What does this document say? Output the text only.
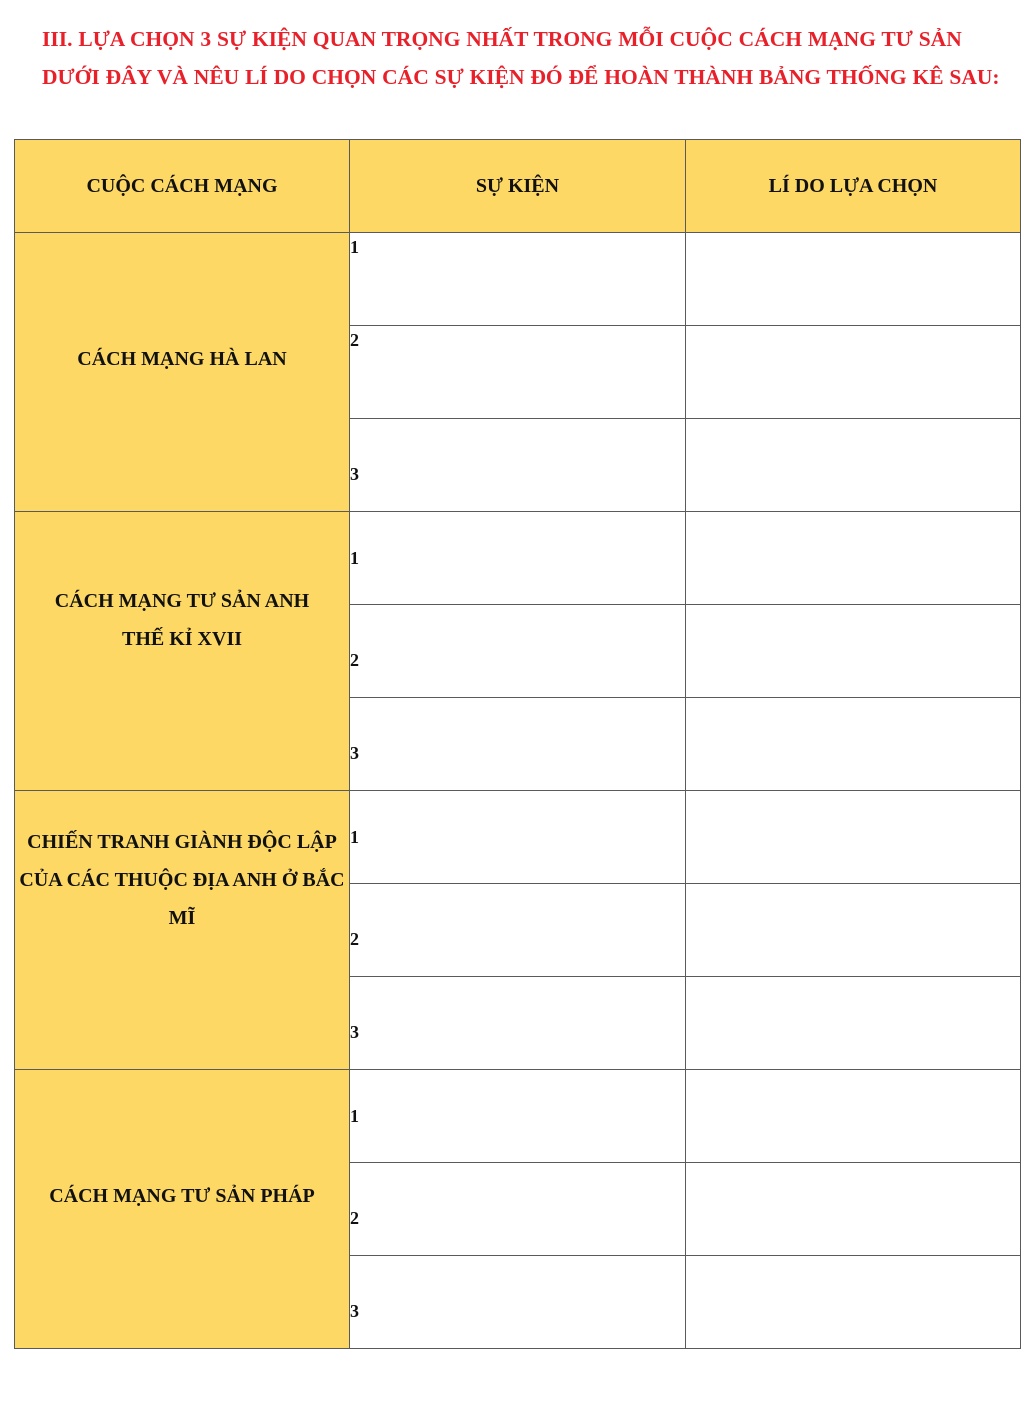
III. LỰA CHỌN 3 SỰ KIỆN QUAN TRỌNG NHẤT TRONG MỖI CUỘC CÁCH MẠNG TƯ SẢN DƯỚI ĐÂY VÀ NÊU LÍ DO CHỌN CÁC SỰ KIỆN ĐÓ ĐỂ HOÀN THÀNH BẢNG THỐNG KÊ SAU:
CUỘC CÁCH MẠNG	SỰ KIỆN	LÍ DO LỰA CHỌN

CÁCH MẠNG HÀ LAN	1	
	2	
	3	

CÁCH MẠNG TƯ SẢN ANH THẾ KỈ XVII	1	
	2	
	3	

CHIẾN TRANH GIÀNH ĐỘC LẬP CỦA CÁC THUỘC ĐỊA ANH Ở BẮC MĨ	1	
	2	
	3	

CÁCH MẠNG TƯ SẢN PHÁP	1	
	2	
	3	
